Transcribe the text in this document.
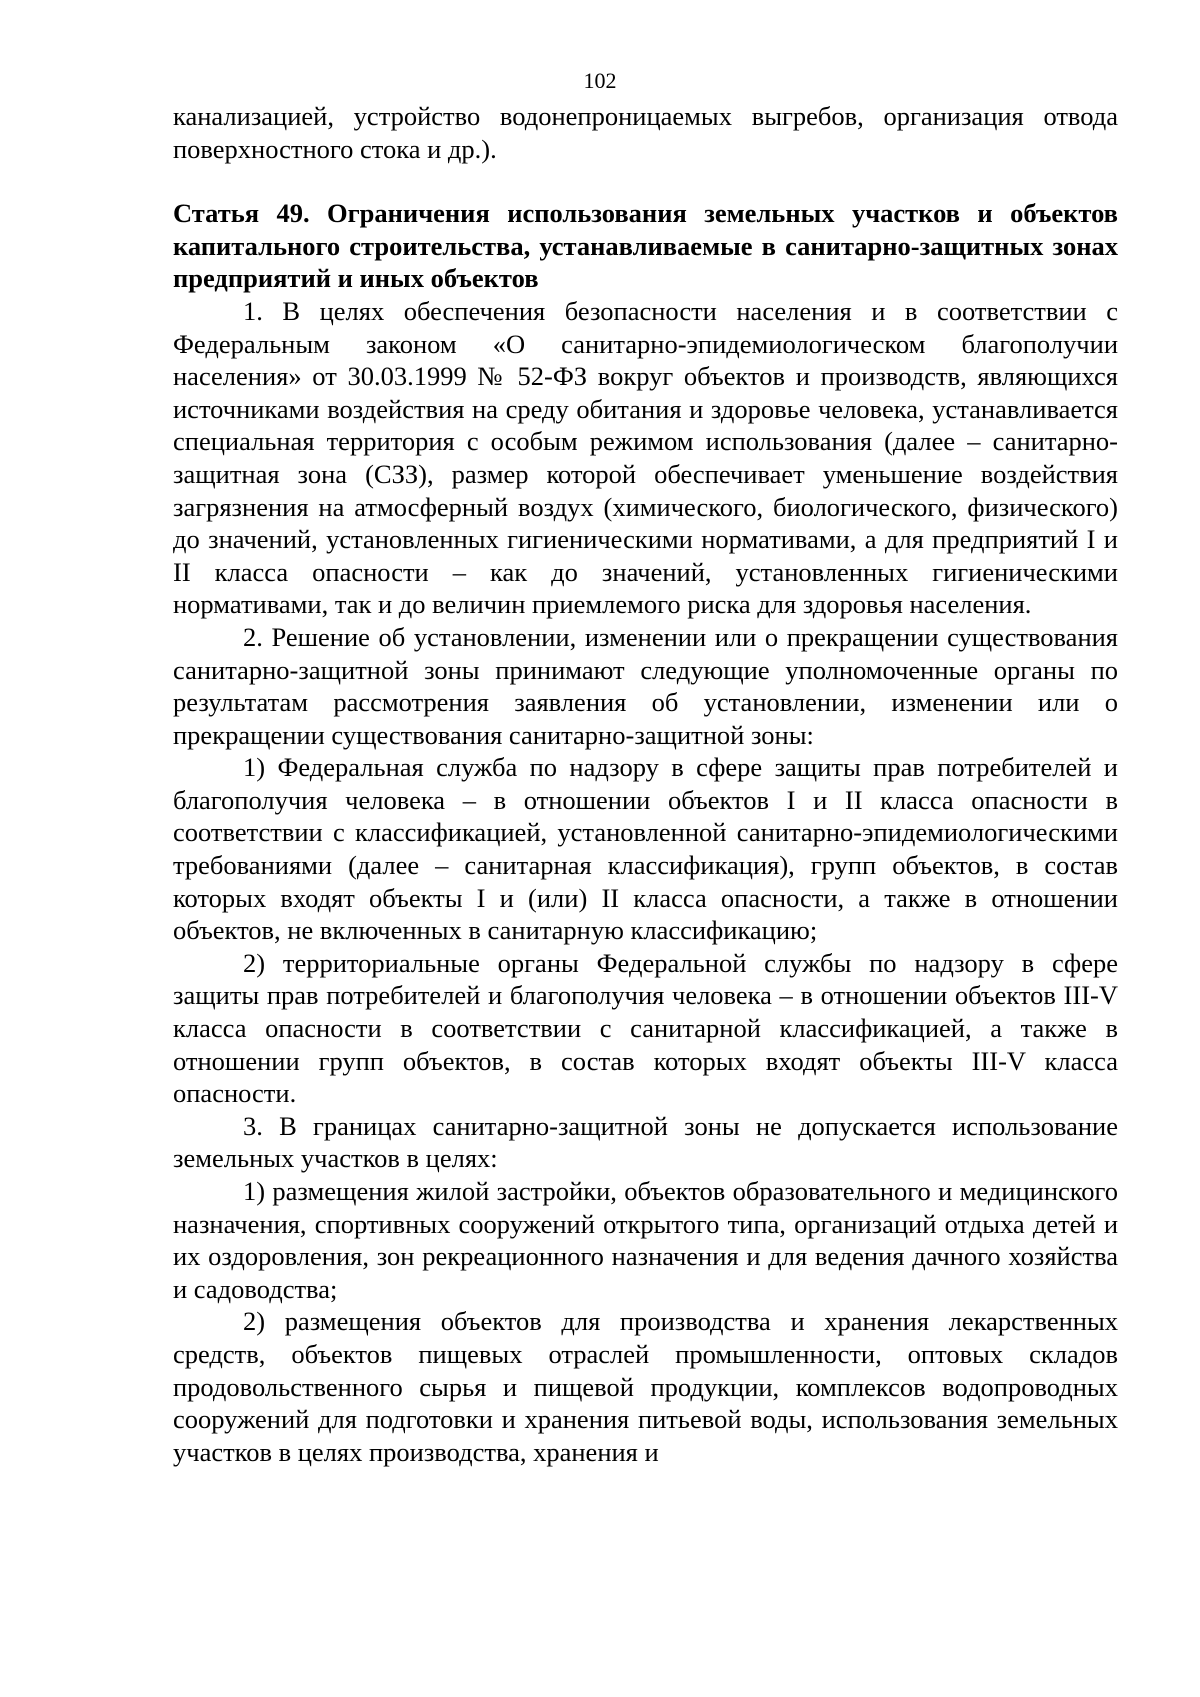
102

канализацией, устройство водонепроницаемых выгребов, организация отвода поверхностного стока и др.).

Статья 49. Ограничения использования земельных участков и объектов капитального строительства, устанавливаемые в санитарно-защитных зонах предприятий и иных объектов

1. В целях обеспечения безопасности населения и в соответствии с Федеральным законом «О санитарно-эпидемиологическом благополучии населения» от 30.03.1999 № 52-ФЗ вокруг объектов и производств, являющихся источниками воздействия на среду обитания и здоровье человека, устанавливается специальная территория с особым режимом использования (далее – санитарно-защитная зона (СЗЗ), размер которой обеспечивает уменьшение воздействия загрязнения на атмосферный воздух (химического, биологического, физического) до значений, установленных гигиеническими нормативами, а для предприятий I и II класса опасности – как до значений, установленных гигиеническими нормативами, так и до величин приемлемого риска для здоровья населения.

2. Решение об установлении, изменении или о прекращении существования санитарно-защитной зоны принимают следующие уполномоченные органы по результатам рассмотрения заявления об установлении, изменении или о прекращении существования санитарно-защитной зоны:

1) Федеральная служба по надзору в сфере защиты прав потребителей и благополучия человека – в отношении объектов I и II класса опасности в соответствии с классификацией, установленной санитарно-эпидемиологическими требованиями (далее – санитарная классификация), групп объектов, в состав которых входят объекты I и (или) II класса опасности, а также в отношении объектов, не включенных в санитарную классификацию;

2) территориальные органы Федеральной службы по надзору в сфере защиты прав потребителей и благополучия человека – в отношении объектов III-V класса опасности в соответствии с санитарной классификацией, а также в отношении групп объектов, в состав которых входят объекты III-V класса опасности.

3. В границах санитарно-защитной зоны не допускается использование земельных участков в целях:

1) размещения жилой застройки, объектов образовательного и медицинского назначения, спортивных сооружений открытого типа, организаций отдыха детей и их оздоровления, зон рекреационного назначения и для ведения дачного хозяйства и садоводства;

2) размещения объектов для производства и хранения лекарственных средств, объектов пищевых отраслей промышленности, оптовых складов продовольственного сырья и пищевой продукции, комплексов водопроводных сооружений для подготовки и хранения питьевой воды, использования земельных участков в целях производства, хранения и
